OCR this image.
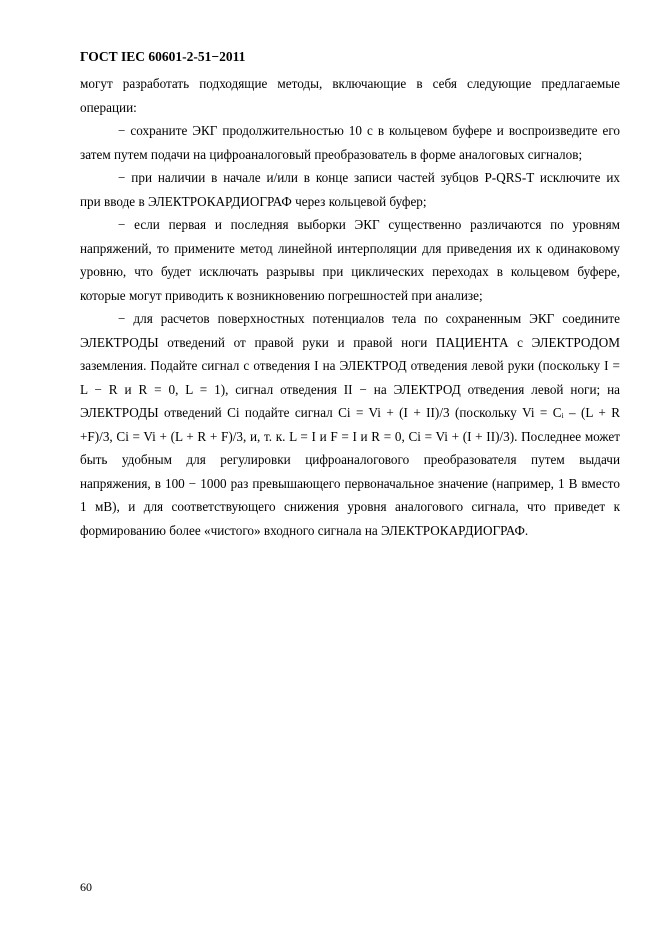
ГОСТ IEC 60601-2-51−2011
могут разработать подходящие методы, включающие в себя следующие предлагаемые
операции:
− сохраните ЭКГ продолжительностью 10 с в кольцевом буфере и воспроизведите его
затем путем подачи на цифроаналоговый преобразователь в форме аналоговых сигналов;
− при наличии в начале и/или в конце записи частей зубцов P-QRS-T исключите их
при вводе в ЭЛЕКТРОКАРДИОГРАФ через кольцевой буфер;
− если первая и последняя выборки ЭКГ существенно различаются по уровням
напряжений, то примените метод линейной интерполяции для приведения их к одинаковому
уровню, что будет исключать разрывы при циклических переходах в кольцевом буфере,
которые могут приводить к возникновению погрешностей при анализе;
− для расчетов поверхностных потенциалов тела по сохраненным ЭКГ соедините
ЭЛЕКТРОДЫ отведений от правой руки и правой ноги ПАЦИЕНТА с ЭЛЕКТРОДОМ
заземления. Подайте сигнал с отведения I на ЭЛЕКТРОД отведения левой руки (поскольку I =
L − R и R = 0, L = 1), сигнал отведения II − на ЭЛЕКТРОД отведения левой ноги; на
ЭЛЕКТРОДЫ отведений Ci подайте сигнал Ci = Vi + (I + II)/3 (поскольку Vi = Cᵢ – (L + R
+F)/3, Ci = Vi + (L + R + F)/3, и, т. к. L = I и F = I и R = 0, Ci = Vi + (I + II)/3). Последнее может
быть удобным для регулировки цифроаналогового преобразователя путем выдачи
напряжения, в 100 − 1000 раз превышающего первоначальное значение (например, 1 В вместо
1 мВ), и для соответствующего снижения уровня аналогового сигнала, что приведет к
формированию более «чистого» входного сигнала на ЭЛЕКТРОКАРДИОГРАФ.
60
